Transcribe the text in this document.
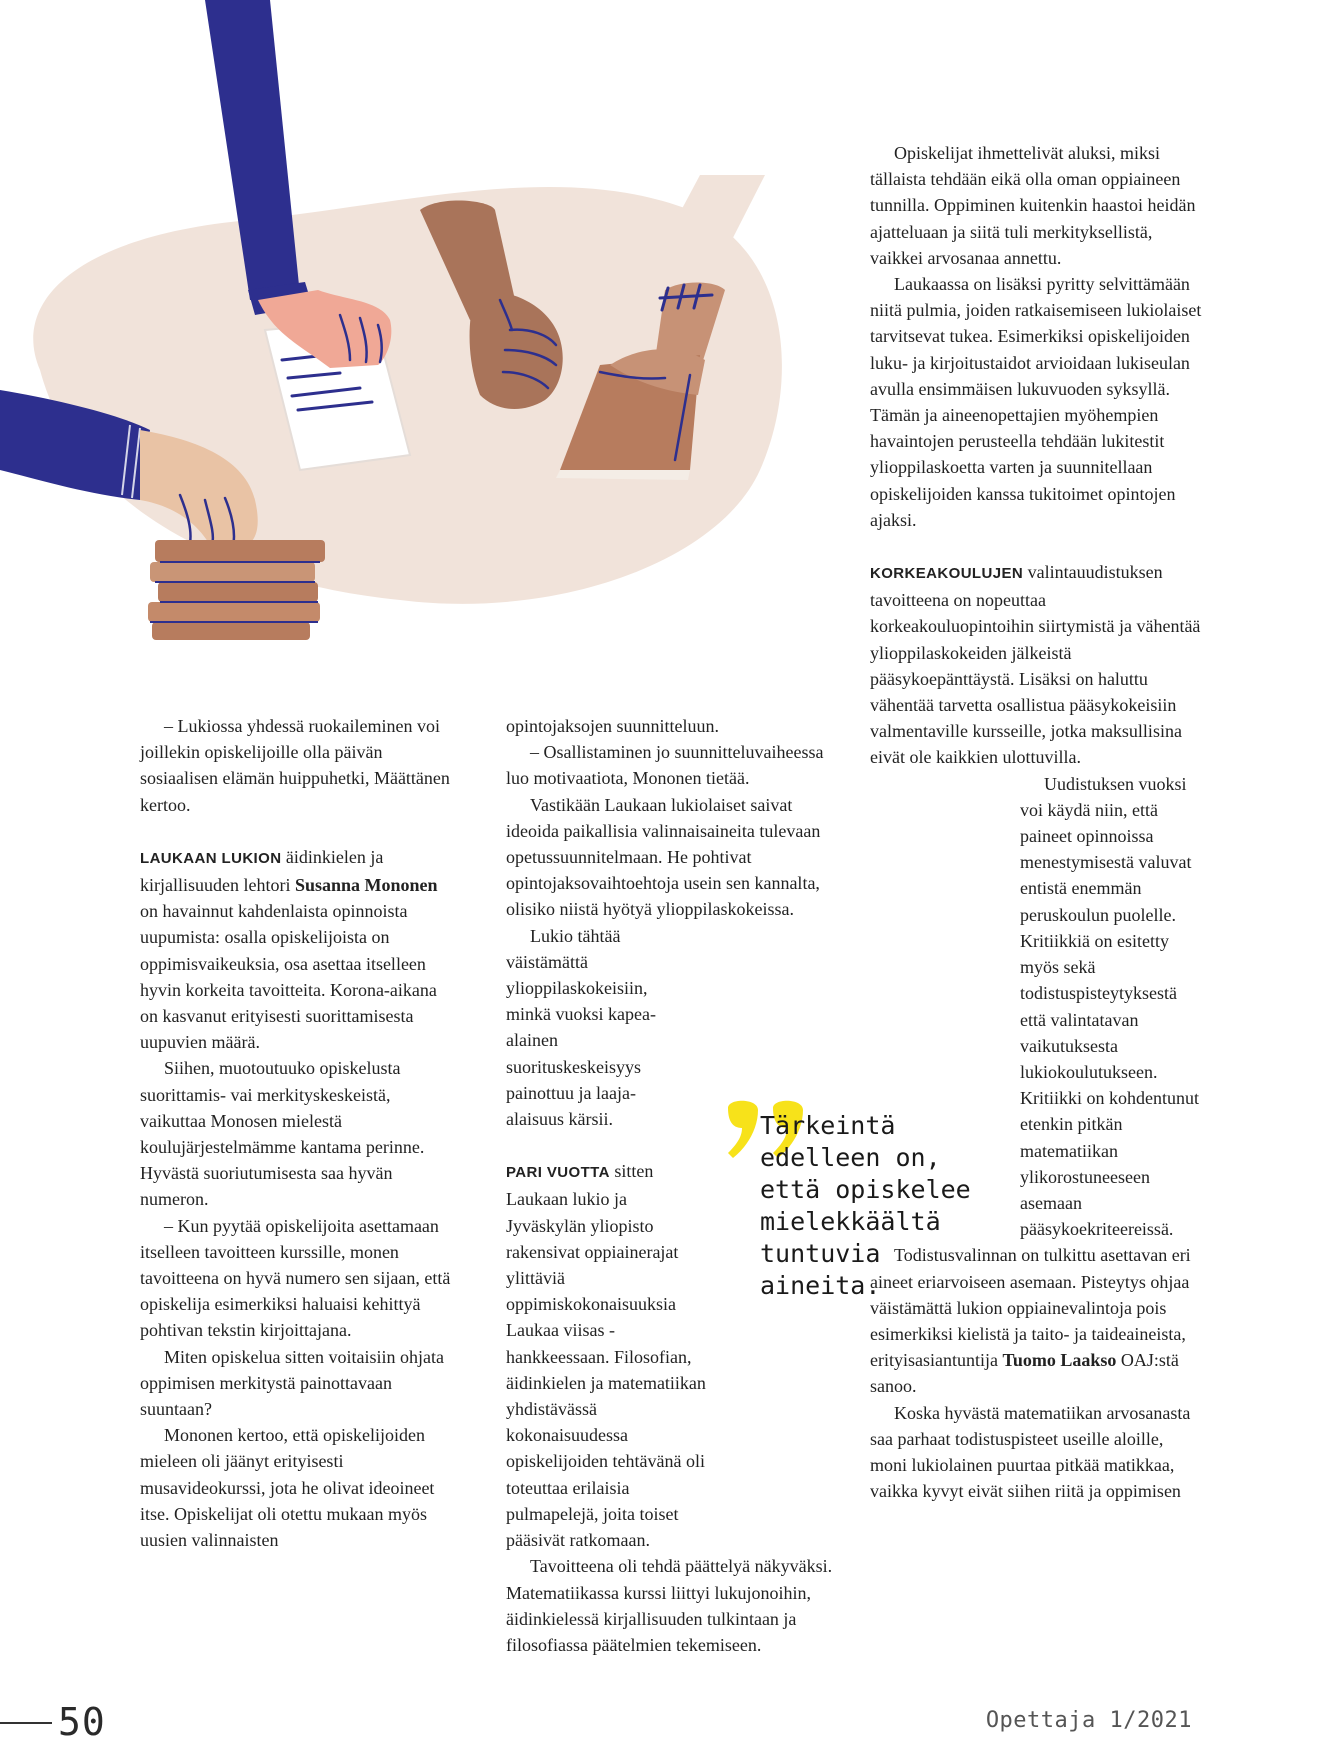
– Lukiossa yhdessä ruokaileminen voi joillekin opiskelijoille olla päivän sosiaalisen elämän huippuhetki, Määttänen kertoo.

LAUKAAN LUKION äidinkielen ja kirjallisuuden lehtori Susanna Mononen on havainnut kahdenlaista opinnoista uupumista: osalla opiskelijoista on oppimisvaikeuksia, osa asettaa itselleen hyvin korkeita tavoitteita. Korona-aikana on kasvanut erityisesti suorittamisesta uupuvien määrä.

Siihen, muotoutuuko opiskelusta suorittamis- vai merkityskeskeistä, vaikuttaa Monosen mielestä koulujärjestelmämme kantama perinne. Hyvästä suoriutumisesta saa hyvän numeron.

– Kun pyytää opiskelijoita asettamaan itselleen tavoitteen kurssille, monen tavoitteena on hyvä numero sen sijaan, että opiskelija esimerkiksi haluaisi kehittyä pohtivan tekstin kirjoittajana.

Miten opiskelua sitten voitaisiin ohjata oppimisen merkitystä painottavaan suuntaan?

Mononen kertoo, että opiskelijoiden mieleen oli jäänyt erityisesti musavideokurssi, jota he olivat ideoineet itse. Opiskelijat oli otettu mukaan myös uusien valinnaisten

opintojaksojen suunnitteluun.

– Osallistaminen jo suunnitteluvaiheessa luo motivaatiota, Mononen tietää.

Vastikään Laukaan lukiolaiset saivat ideoida paikallisia valinnaisaineita tulevaan opetussuunnitelmaan. He pohtivat opintojaksovaihtoehtoja usein sen kannalta, olisiko niistä hyötyä ylioppilaskokeissa.

Lukio tähtää väistämättä ylioppilaskokeisiin, minkä vuoksi kapea-alainen suorituskeskeisyys painottuu ja laaja-alaisuus kärsii.

PARI VUOTTA sitten Laukaan lukio ja Jyväskylän yliopisto rakensivat oppiainerajat ylittäviä oppimiskokonaisuuksia Laukaa viisas -hankkeessaan. Filosofian, äidinkielen ja matematiikan yhdistävässä kokonaisuudessa opiskelijoiden tehtävänä oli toteuttaa erilaisia pulmapelejä, joita toiset pääsivät ratkomaan.

Tavoitteena oli tehdä päättelyä näkyväksi. Matematiikassa kurssi liittyi lukujonoihin, äidinkielessä kirjallisuuden tulkintaan ja filosofiassa päätelmien tekemiseen.

Opiskelijat ihmettelivät aluksi, miksi tällaista tehdään eikä olla oman oppiaineen tunnilla. Oppiminen kuitenkin haastoi heidän ajatteluaan ja siitä tuli merkityksellistä, vaikkei arvosanaa annettu.

Laukaassa on lisäksi pyritty selvittämään niitä pulmia, joiden ratkaisemiseen lukiolaiset tarvitsevat tukea. Esimerkiksi opiskelijoiden luku- ja kirjoitustaidot arvioidaan lukiseulan avulla ensimmäisen lukuvuoden syksyllä. Tämän ja aineenopettajien myöhempien havaintojen perusteella tehdään lukitestit ylioppilaskoetta varten ja suunnitellaan opiskelijoiden kanssa tukitoimet opintojen ajaksi.

KORKEAKOULUJEN valintauudistuksen tavoitteena on nopeuttaa korkeakouluopintoihin siirtymistä ja vähentää ylioppilaskokeiden jälkeistä pääsykoepänttäystä. Lisäksi on haluttu vähentää tarvetta osallistua pääsykokeisiin valmentaville kursseille, jotka maksullisina eivät ole kaikkien ulottuvilla.

Uudistuksen vuoksi voi käydä niin, että paineet opinnoissa menestymisestä valuvat entistä enemmän peruskoulun puolelle. Kritiikkiä on esitetty myös sekä todistuspisteytyksestä että valintatavan vaikutuksesta lukiokoulutukseen. Kritiikki on kohdentunut etenkin pitkän matematiikan ylikorostuneeseen asemaan pääsykoekriteereissä.

Todistusvalinnan on tulkittu asettavan eri aineet eriarvoiseen asemaan. Pisteytys ohjaa väistämättä lukion oppiainevalintoja pois esimerkiksi kielistä ja taito- ja taideaineista, erityisasiantuntija Tuomo Laakso OAJ:stä sanoo.

Koska hyvästä matematiikan arvosanasta saa parhaat todistuspisteet useille aloille, moni lukiolainen puurtaa pitkää matikkaa, vaikka kyvyt eivät siihen riitä ja oppimisen

Tärkeintä
edelleen on,
että opiskelee
mielekkäältä
tuntuvia
aineita.
50	Opettaja 1/2021
